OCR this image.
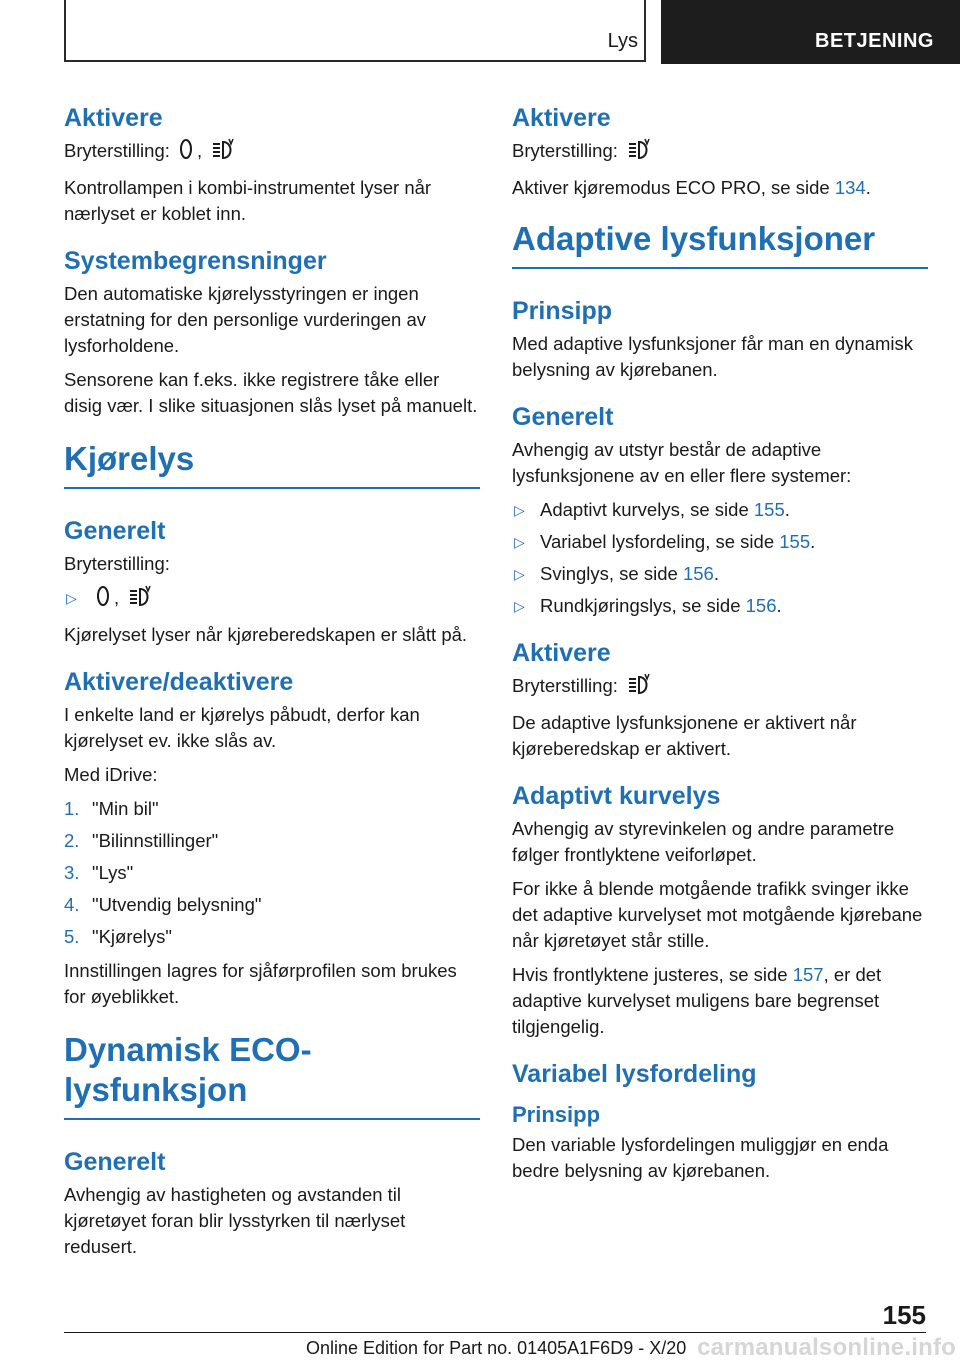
Lys	BETJENING
Aktivere

Bryterstilling: ,

Kontrollampen i kombi-instrumentet lyser når nærlyset er koblet inn.

Systembegrensninger

Den automatiske kjørelysstyringen er ingen erstatning for den personlige vurderingen av lysforholdene.

Sensorene kan f.eks. ikke registrere tåke eller disig vær. I slike situasjonen slås lyset på manuelt.

Kjørelys
Generelt

Bryterstilling:

▷ ,

Kjørelyset lyser når kjøreberedskapen er slått på.

Aktivere/deaktivere

I enkelte land er kjørelys påbudt, derfor kan kjørelyset ev. ikke slås av.

Med iDrive:

1. "Min bil"
2. "Bilinnstillinger"
3. "Lys"
4. "Utvendig belysning"
5. "Kjørelys"

Innstillingen lagres for sjåførprofilen som brukes for øyeblikket.

Dynamisk ECO-lysfunksjon
Generelt

Avhengig av hastigheten og avstanden til kjøretøyet foran blir lysstyrken til nærlyset redusert.

Aktivere

Bryterstilling:

Aktiver kjøremodus ECO PRO, se side 134.

Adaptive lysfunksjoner
Prinsipp

Med adaptive lysfunksjoner får man en dynamisk belysning av kjørebanen.

Generelt

Avhengig av utstyr består de adaptive lysfunksjonene av en eller flere systemer:

▷ Adaptivt kurvelys, se side 155.
▷ Variabel lysfordeling, se side 155.
▷ Svinglys, se side 156.
▷ Rundkjøringslys, se side 156.
Aktivere

Bryterstilling:

De adaptive lysfunksjonene er aktivert når kjøreberedskap er aktivert.

Adaptivt kurvelys

Avhengig av styrevinkelen og andre parametre følger frontlyktene veiforløpet.

For ikke å blende motgående trafikk svinger ikke det adaptive kurvelyset mot motgående kjørebane når kjøretøyet står stille.

Hvis frontlyktene justeres, se side 157, er det adaptive kurvelyset muligens bare begrenset tilgjengelig.

Variabel lysfordeling
Prinsipp

Den variable lysfordelingen muliggjør en enda bedre belysning av kjørebanen.

155
Online Edition for Part no. 01405A1F6D9 - X/20 carmanualsonline.info
